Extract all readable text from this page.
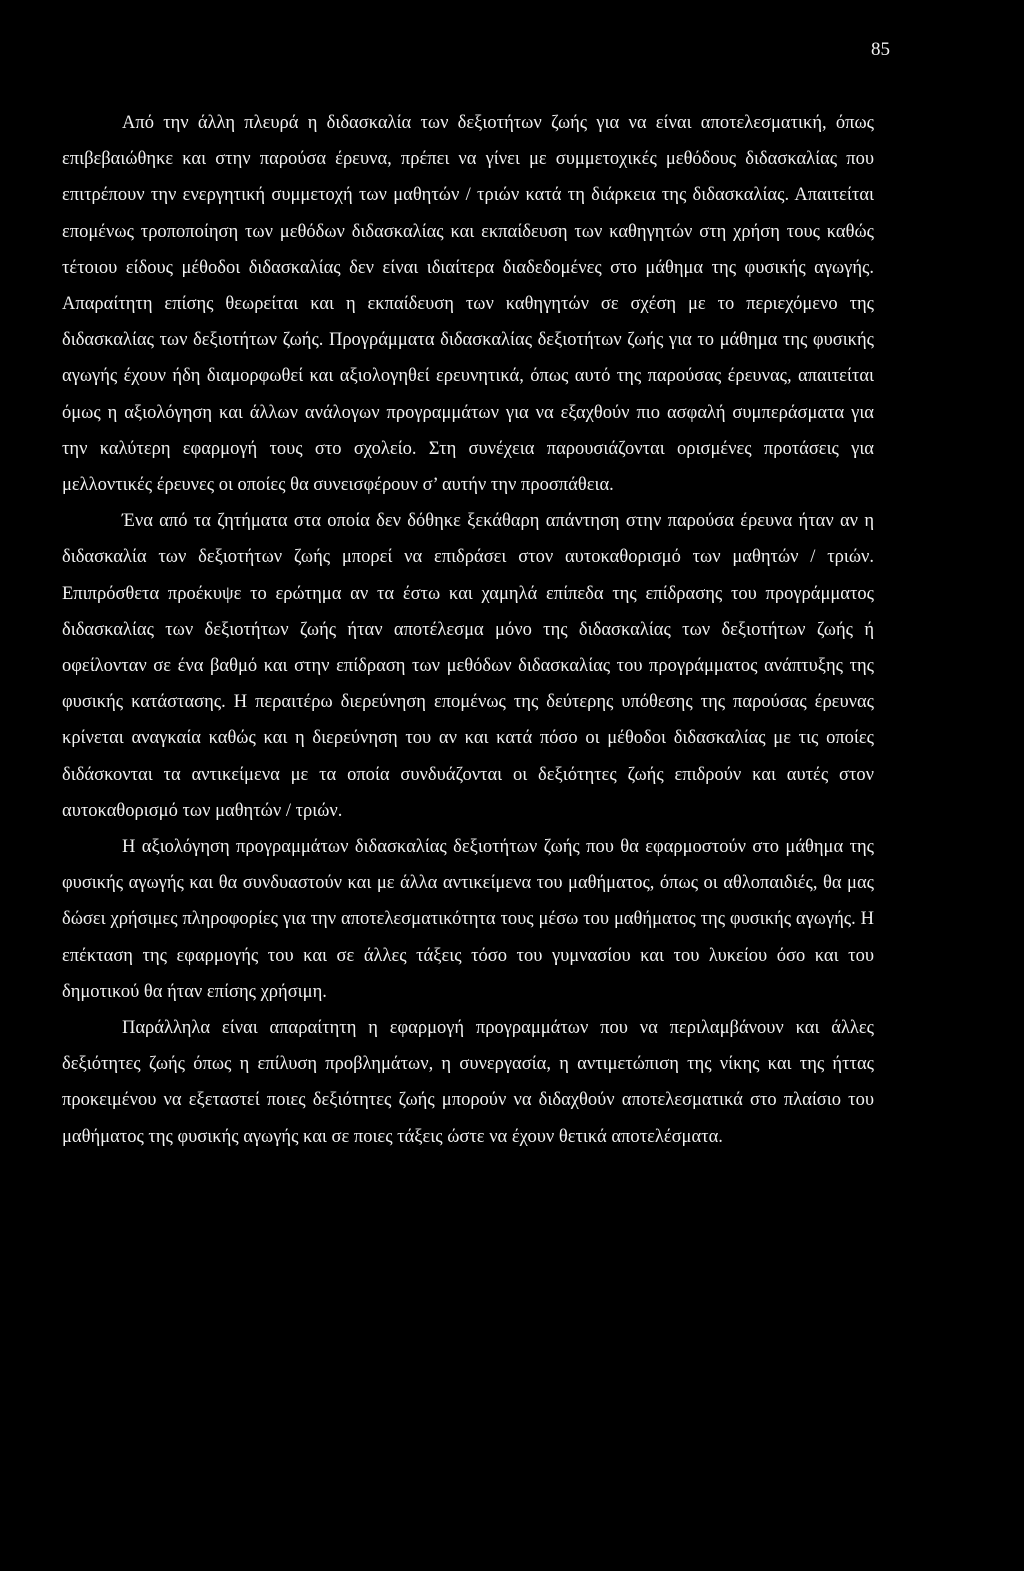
85

Από την άλλη πλευρά η διδασκαλία των δεξιοτήτων ζωής για να είναι αποτελεσματική, όπως επιβεβαιώθηκε και στην παρούσα έρευνα, πρέπει να γίνει με συμμετοχικές μεθόδους διδασκαλίας που επιτρέπουν την ενεργητική συμμετοχή των μαθητών / τριών κατά τη διάρκεια της διδασκαλίας. Απαιτείται επομένως τροποποίηση των μεθόδων διδασκαλίας και εκπαίδευση των καθηγητών στη χρήση τους καθώς τέτοιου είδους μέθοδοι διδασκαλίας δεν είναι ιδιαίτερα διαδεδομένες στο μάθημα της φυσικής αγωγής. Απαραίτητη επίσης θεωρείται και η εκπαίδευση των καθηγητών σε σχέση με το περιεχόμενο της διδασκαλίας των δεξιοτήτων ζωής. Προγράμματα διδασκαλίας δεξιοτήτων ζωής για το μάθημα της φυσικής αγωγής έχουν ήδη διαμορφωθεί και αξιολογηθεί ερευνητικά, όπως αυτό της παρούσας έρευνας, απαιτείται όμως η αξιολόγηση και άλλων ανάλογων προγραμμάτων για να εξαχθούν πιο ασφαλή συμπεράσματα για την καλύτερη εφαρμογή τους στο σχολείο. Στη συνέχεια παρουσιάζονται ορισμένες προτάσεις για μελλοντικές έρευνες οι οποίες θα συνεισφέρουν σ’ αυτήν την προσπάθεια.

Ένα από τα ζητήματα στα οποία δεν δόθηκε ξεκάθαρη απάντηση στην παρούσα έρευνα ήταν αν η διδασκαλία των δεξιοτήτων ζωής μπορεί να επιδράσει στον αυτοκαθορισμό των μαθητών / τριών. Επιπρόσθετα προέκυψε το ερώτημα αν τα έστω και χαμηλά επίπεδα της επίδρασης του προγράμματος διδασκαλίας των δεξιοτήτων ζωής ήταν αποτέλεσμα μόνο της διδασκαλίας των δεξιοτήτων ζωής ή οφείλονταν σε ένα βαθμό και στην επίδραση των μεθόδων διδασκαλίας του προγράμματος ανάπτυξης της φυσικής κατάστασης. Η περαιτέρω διερεύνηση επομένως της δεύτερης υπόθεσης της παρούσας έρευνας κρίνεται αναγκαία καθώς και η διερεύνηση του αν και κατά πόσο οι μέθοδοι διδασκαλίας με τις οποίες διδάσκονται τα αντικείμενα με τα οποία συνδυάζονται οι δεξιότητες ζωής επιδρούν και αυτές στον αυτοκαθορισμό των μαθητών / τριών.

Η αξιολόγηση προγραμμάτων διδασκαλίας δεξιοτήτων ζωής που θα εφαρμοστούν στο μάθημα της φυσικής αγωγής και θα συνδυαστούν και με άλλα αντικείμενα του μαθήματος, όπως οι αθλοπαιδιές, θα μας δώσει χρήσιμες πληροφορίες για την αποτελεσματικότητα τους μέσω του μαθήματος της φυσικής αγωγής. Η επέκταση της εφαρμογής του και σε άλλες τάξεις τόσο του γυμνασίου και του λυκείου όσο και του δημοτικού θα ήταν επίσης χρήσιμη.

Παράλληλα είναι απαραίτητη η εφαρμογή προγραμμάτων που να περιλαμβάνουν και άλλες δεξιότητες ζωής όπως η επίλυση προβλημάτων, η συνεργασία, η αντιμετώπιση της νίκης και της ήττας προκειμένου να εξεταστεί ποιες δεξιότητες ζωής μπορούν να διδαχθούν αποτελεσματικά στο πλαίσιο του μαθήματος της φυσικής αγωγής και σε ποιες τάξεις ώστε να έχουν θετικά αποτελέσματα.
